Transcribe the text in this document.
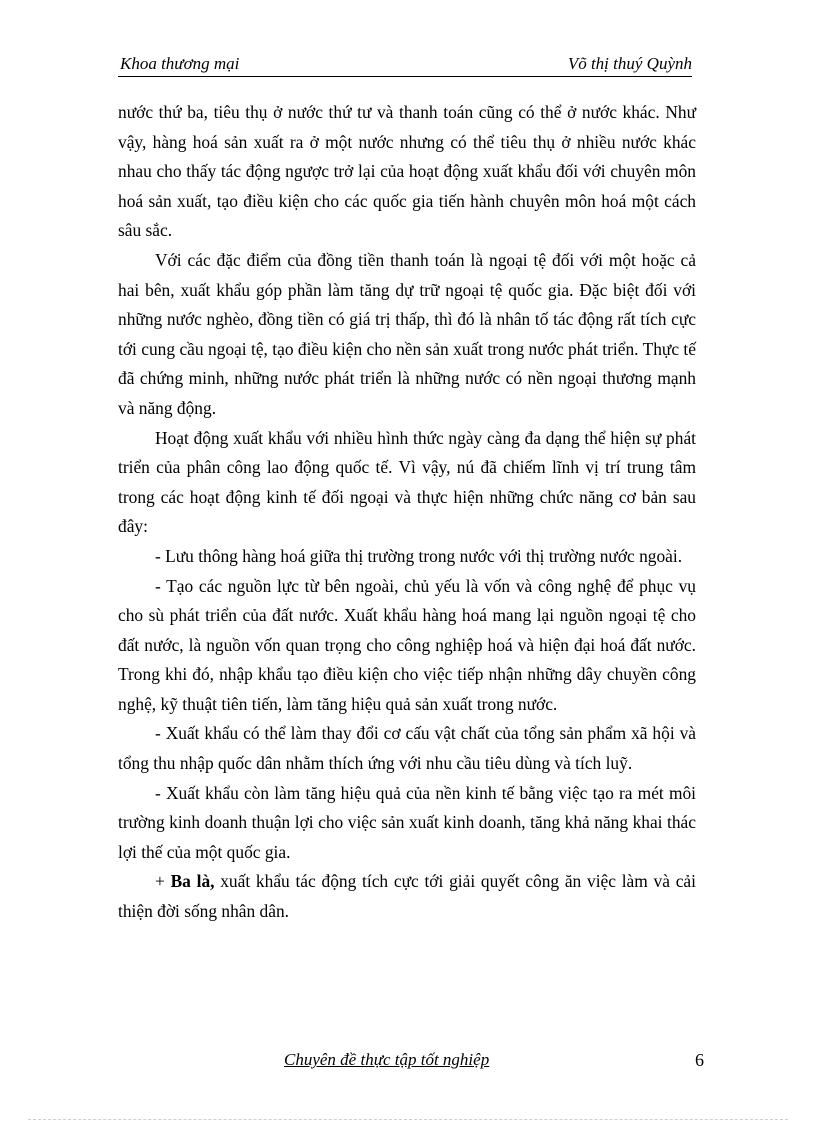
Khoa thương mại	Võ thị thuý Quỳnh

nước thứ ba, tiêu thụ ở nước thứ tư và thanh toán cũng có thể ở nước khác. Như vậy, hàng hoá sản xuất ra ở một nước nhưng có thể tiêu thụ ở nhiều nước khác nhau cho thấy tác động ngược trở lại của hoạt động xuất khẩu đối với chuyên môn hoá sản xuất, tạo điều kiện cho các quốc gia tiến hành chuyên môn hoá một cách sâu sắc.

Với các đặc điểm của đồng tiền thanh toán là ngoại tệ đối với một hoặc cả hai bên, xuất khẩu góp phần làm tăng dự trữ ngoại tệ quốc gia. Đặc biệt đối với những nước nghèo, đồng tiền có giá trị thấp, thì đó là nhân tố tác động rất tích cực tới cung cầu ngoại tệ, tạo điều kiện cho nền sản xuất trong nước phát triển. Thực tế đã chứng minh, những nước phát triển là những nước có nền ngoại thương mạnh và năng động.

Hoạt động xuất khẩu với nhiều hình thức ngày càng đa dạng thể hiện sự phát triển của phân công lao động quốc tế. Vì vậy, nú đã chiếm lĩnh vị trí trung tâm trong các hoạt động kinh tế đối ngoại và thực hiện những chức năng cơ bản sau đây:

- Lưu thông hàng hoá giữa thị trường trong nước với thị trường nước ngoài.

- Tạo các nguồn lực từ bên ngoài, chủ yếu là vốn và công nghệ để phục vụ cho sù phát triển của đất nước. Xuất khẩu hàng hoá mang lại nguồn ngoại tệ cho đất nước, là nguồn vốn quan trọng cho công nghiệp hoá và hiện đại hoá đất nước. Trong khi đó, nhập khẩu tạo điều kiện cho việc tiếp nhận những dây chuyền công nghệ, kỹ thuật tiên tiến, làm tăng hiệu quả sản xuất trong nước.

- Xuất khẩu có thể làm thay đổi cơ cấu vật chất của tổng sản phẩm xã hội và tổng thu nhập quốc dân nhằm thích ứng với nhu cầu tiêu dùng và tích luỹ.

- Xuất khẩu còn làm tăng hiệu quả của nền kinh tế bằng việc tạo ra mét môi trường kinh doanh thuận lợi cho việc sản xuất kinh doanh, tăng khả năng khai thác lợi thế của một quốc gia.

+ Ba là, xuất khẩu tác động tích cực tới giải quyết công ăn việc làm và cải thiện đời sống nhân dân.

Chuyên đề thực tập tốt nghiệp	6
